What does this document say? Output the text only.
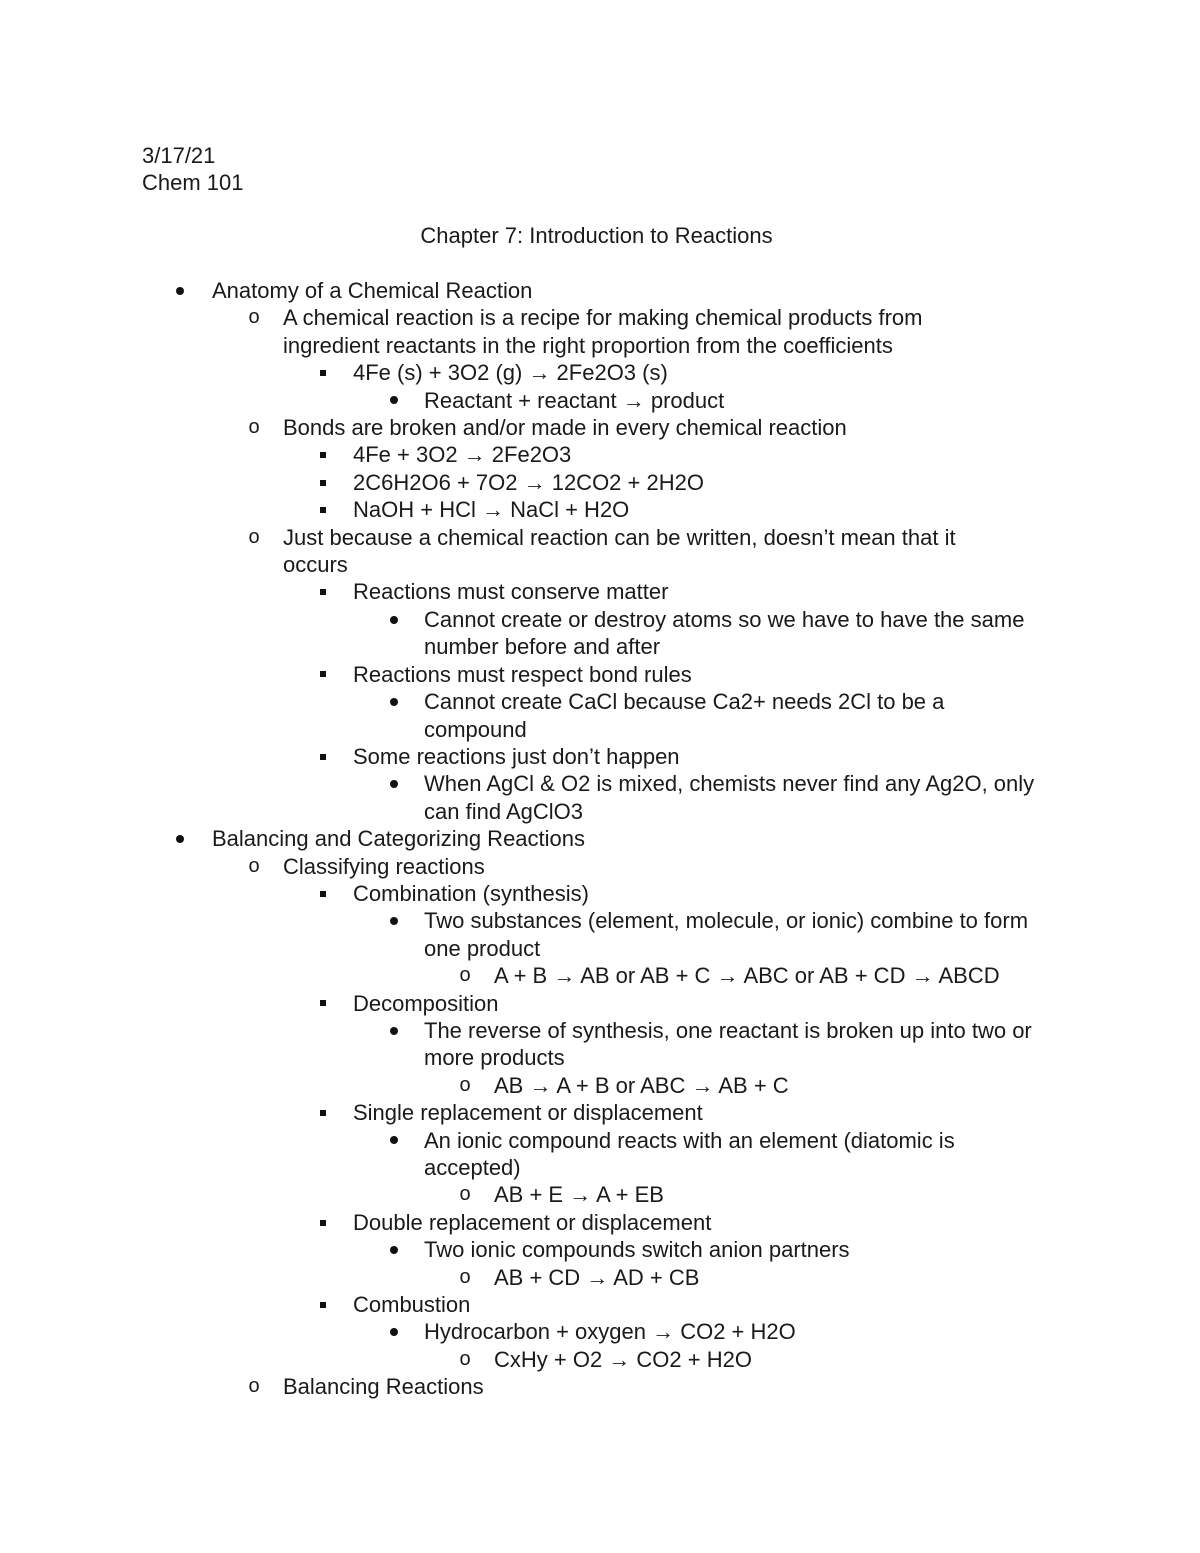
3/17/21
Chem 101
Chapter 7: Introduction to Reactions
Anatomy of a Chemical Reaction
o A chemical reaction is a recipe for making chemical products from ingredient reactants in the right proportion from the coefficients
4Fe (s) + 3O2 (g) → 2Fe2O3 (s)
Reactant + reactant → product
o Bonds are broken and/or made in every chemical reaction
4Fe + 3O2 → 2Fe2O3
2C6H2O6 + 7O2 → 12CO2 + 2H2O
NaOH + HCl → NaCl + H2O
o Just because a chemical reaction can be written, doesn’t mean that it occurs
Reactions must conserve matter
Cannot create or destroy atoms so we have to have the same number before and after
Reactions must respect bond rules
Cannot create CaCl because Ca2+ needs 2Cl to be a compound
Some reactions just don’t happen
When AgCl & O2 is mixed, chemists never find any Ag2O, only can find AgClO3
Balancing and Categorizing Reactions
o Classifying reactions
Combination (synthesis)
Two substances (element, molecule, or ionic) combine to form one product
o A + B → AB or AB + C → ABC or AB + CD → ABCD
Decomposition
The reverse of synthesis, one reactant is broken up into two or more products
o AB → A + B or ABC → AB + C
Single replacement or displacement
An ionic compound reacts with an element (diatomic is accepted)
o AB + E → A + EB
Double replacement or displacement
Two ionic compounds switch anion partners
o AB + CD → AD + CB
Combustion
Hydrocarbon + oxygen → CO2 + H2O
o CxHy + O2 → CO2 + H2O
o Balancing Reactions
